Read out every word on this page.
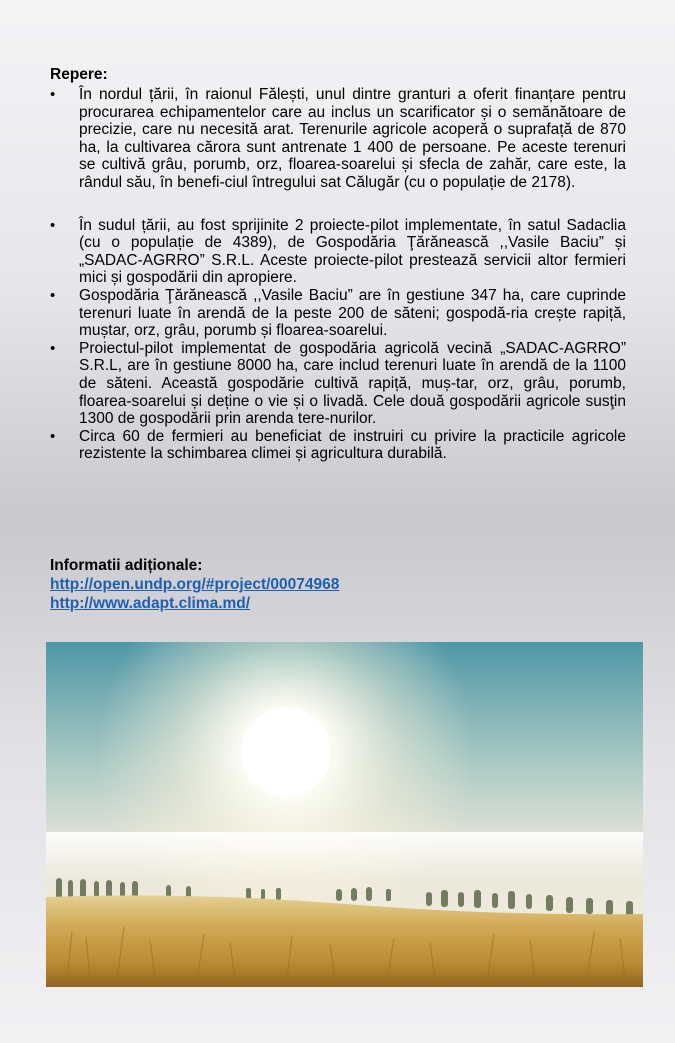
Repere:
• În nordul țării, în raionul Fălești, unul dintre granturi a oferit finanțare pentru procurarea echipamentelor care au inclus un scarificator și o semănătoare de precizie, care nu necesită arat. Terenurile agricole acoperă o suprafață de 870 ha, la cultivarea cărora sunt antrenate 1 400 de persoane. Pe aceste terenuri se cultivă grâu, porumb, orz, floarea-soarelui și sfecla de zahăr, care este, la rândul său, în benefi-ciul întregului sat Călugăr (cu o populație de 2178).
• În sudul țării, au fost sprijinite 2 proiecte-pilot implementate, în satul Sadaclia (cu o populație de 4389), de Gospodăria Ţărănească ,,Vasile Baciu” și „SADAC-AGRRO” S.R.L. Aceste proiecte-pilot prestează servicii altor fermieri mici și gospodării din apropiere.
• Gospodăria Ţărănească ,,Vasile Baciu” are în gestiune 347 ha, care cuprinde terenuri luate în arendă de la peste 200 de săteni; gospodă-ria crește rapiță, muștar, orz, grâu, porumb și floarea-soarelui.
• Proiectul-pilot implementat de gospodăria agricolă vecină „SADAC-AGRRO” S.R.L, are în gestiune 8000 ha, care includ terenuri luate în arendă de la 1100 de săteni. Această gospodărie cultivă rapiță, muș-tar, orz, grâu, porumb, floarea-soarelui și deține o vie și o livadă. Cele două gospodării agricole susţin 1300 de gospodării prin arenda tere-nurilor.
• Circa 60 de fermieri au beneficiat de instruiri cu privire la practicile agricole rezistente la schimbarea climei și agricultura durabilă.
Informatii adiționale:
http://open.undp.org/#project/00074968
http://www.adapt.clima.md/
